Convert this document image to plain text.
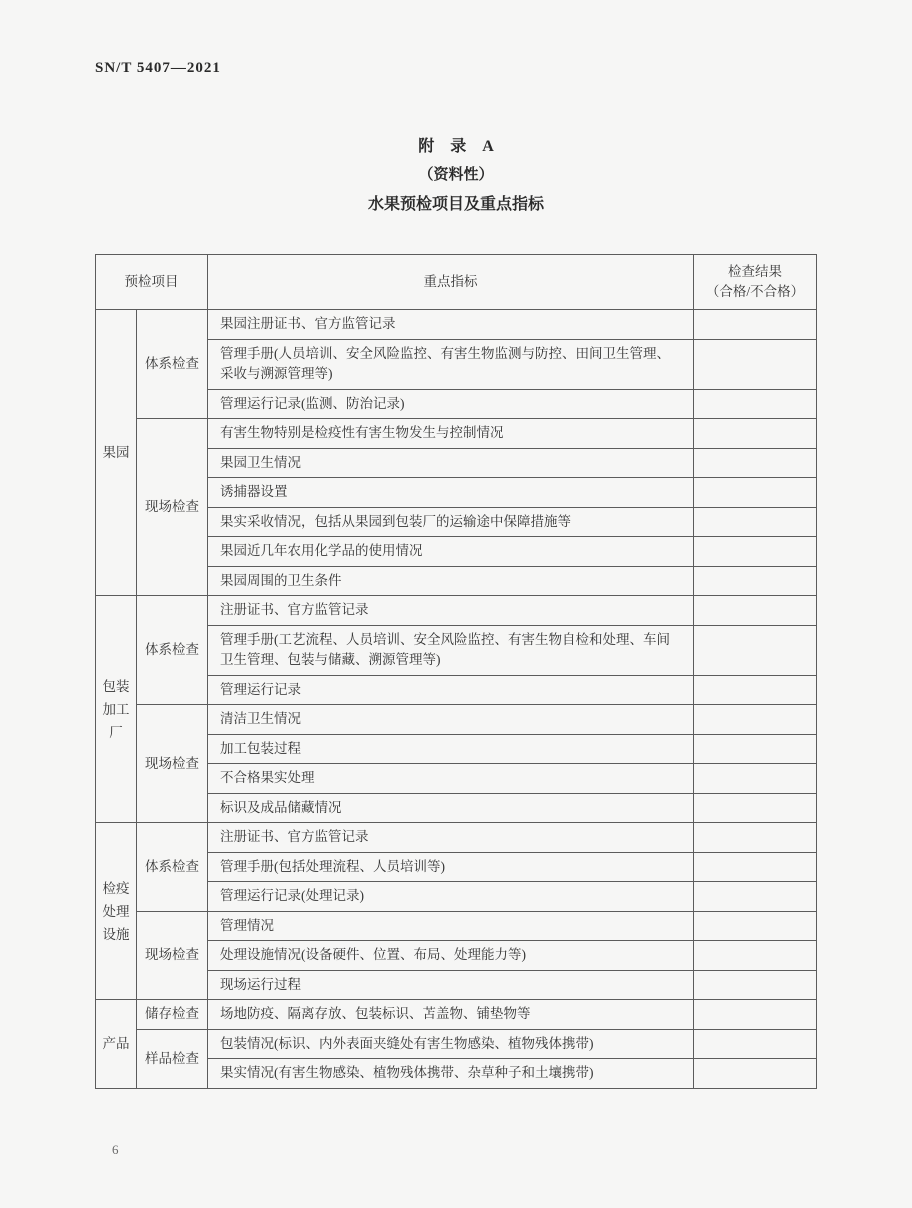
SN/T 5407—2021
附　录　A
（资料性）
水果预检项目及重点指标
预检项目		重点指标	检查结果
（合格/不合格）

果园	体系检查	果园注册证书、官方监管记录	
		管理手册(人员培训、安全风险监控、有害生物监测与防控、田间卫生管理、采收与溯源管理等)	
		管理运行记录(监测、防治记录)	
	现场检查	有害生物特别是检疫性有害生物发生与控制情况	
		果园卫生情况	
		诱捕器设置	
		果实采收情况，包括从果园到包装厂的运输途中保障措施等	
		果园近几年农用化学品的使用情况	
		果园周围的卫生条件	
包装加工厂	体系检查	注册证书、官方监管记录	
		管理手册(工艺流程、人员培训、安全风险监控、有害生物自检和处理、车间卫生管理、包装与储藏、溯源管理等)	
		管理运行记录	
	现场检查	清洁卫生情况	
		加工包装过程	
		不合格果实处理	
		标识及成品储藏情况	
检疫处理设施	体系检查	注册证书、官方监管记录	
		管理手册(包括处理流程、人员培训等)	
		管理运行记录(处理记录)	
	现场检查	管理情况	
		处理设施情况(设备硬件、位置、布局、处理能力等)	
		现场运行过程	
产品	储存检查	场地防疫、隔离存放、包装标识、苫盖物、铺垫物等	
	样品检查	包装情况(标识、内外表面夹缝处有害生物感染、植物残体携带)	
		果实情况(有害生物感染、植物残体携带、杂草种子和土壤携带)	
6
